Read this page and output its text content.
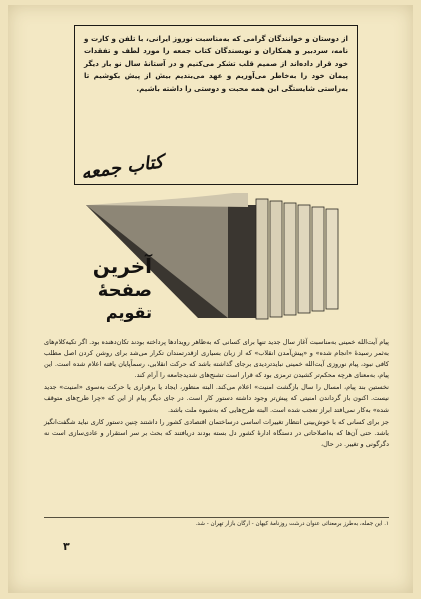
از دوستان و خوانندگان گرامی که به‌مناسبت نوروز ایرانی، با تلفن و کارت و نامه، سردبیر و همکاران و نویسندگان کتاب جمعه را مورد لطف و تفقدات خود قرار داده‌اند از صمیم قلب تشکر می‌کنیم و در آستانهٔ سال نو بار دیگر پیمان خود را به‌خاطر می‌آوریم و عهد می‌بندیم بیش از پیش بکوشیم تا به‌راستی شایستگی این همه محبت و دوستی را داشته باشیم.

کتاب جمعه
آخرین
صفحهٔ
تقویم

پیام آیت‌الله خمینی به‌مناسبت آغاز سال جدید تنها برای کسانی که به‌ظاهر رویدادها پرداخته بودند تکان‌دهنده بود. اگر تکیه‌کلام‌های به‌ثمر رسیدهٔ «انجام شده» و «پیش‌آمدن انقلاب» که از زبان بسیاری ازقدرتمندان تکرار می‌شد برای روشن کردن اصل مطلب کافی نبود، پیام نوروزی آیت‌الله خمینی نبایدتردیدی برجای گذاشته باشد که حرکت انقلابی، رسماًپایان یافته اعلام شده است. این پیام، به‌معنای هرچه محکم‌تر کشیدن ترمزی بود که قرار است تشنج‌های شدیدجامعه را آرام کند.

نخستین بند پیام، امسال را سال بازگشت امنیت» اعلام می‌کند. البته منظور، ایجاد یا برقراری یا حرکت به‌سوی «امنیت» جدید نیست. اکنون باز گرداندن امنیتی که پیش‌تر وجود داشته دستور کار است. در جای دیگر پیام از این که «چرا طرح‌های متوقف شده» به‌کار نمی‌افتد ابراز تعجب شده است. البته طرح‌هایی که به‌شیوه ملت باشد.

جز برای کسانی که با خوش‌بینی انتظار تغییرات اساسی درساختمان اقتصادی کشور را داشتند چنین دستور کاری نباید شگفت‌انگیز باشد. حتی آن‌ها که به‌اصلاحاتی در دستگاه ادارهٔ کشور دل بسته بودند دریافتند که بحث بر سر استقرار و عادی‌سازی است نه دگرگونی و تغییر. در حال،

۱. این جمله، به‌طرز برمعنائی عنوان درشت روزنامهٔ کیهان - ارگان بازار تهران - شد.
۳
